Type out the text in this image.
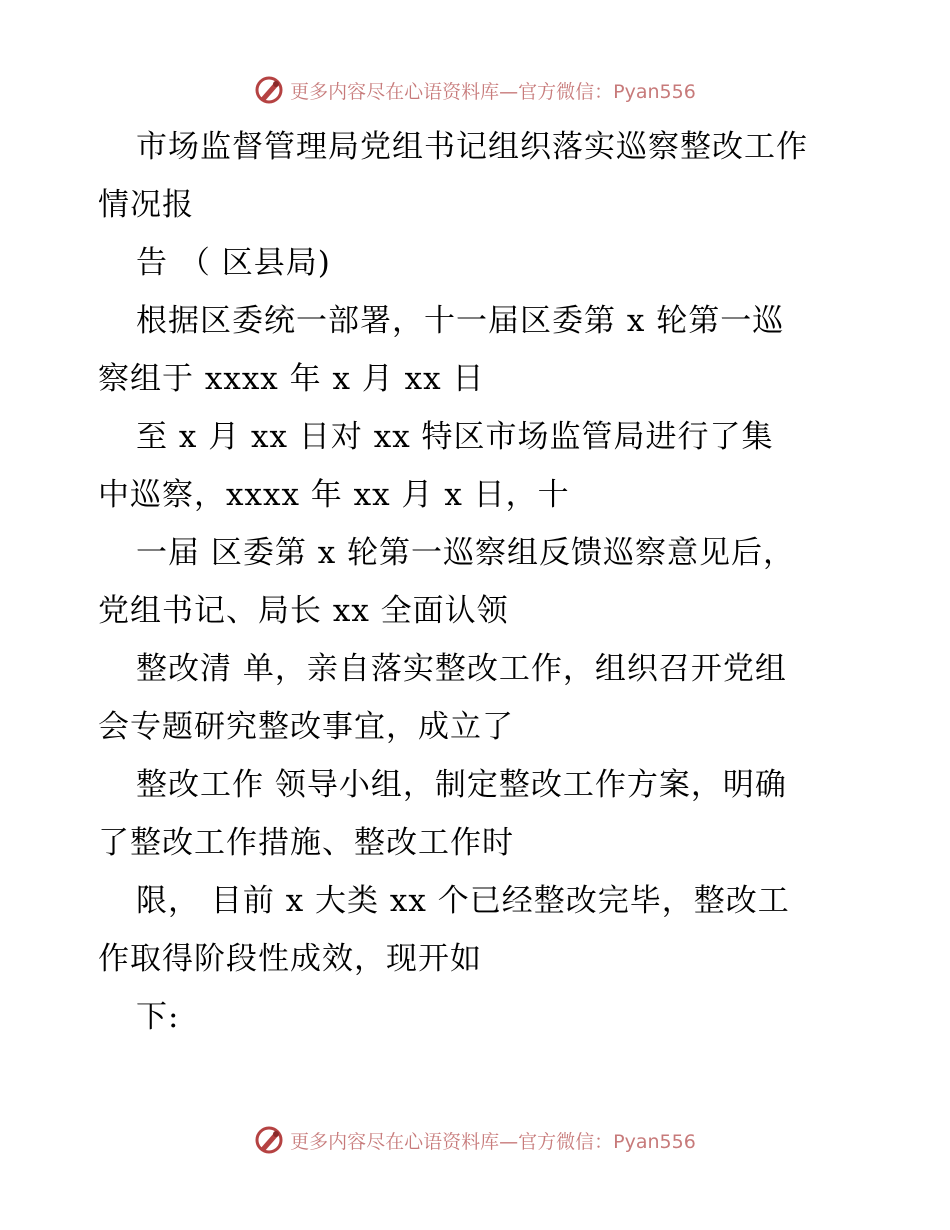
更多内容尽在心语资料库—官方微信：Pyan556
市场监督管理局党组书记组织落实巡察整改工作
情况报
告 （ 区县局)
根据区委统一部署，十一届区委第 x 轮第一巡
察组于 xxxx 年 x 月 xx 日
至 x 月 xx 日对 xx 特区市场监管局进行了集
中巡察，xxxx 年 xx 月 x 日，十
一届 区委第 x 轮第一巡察组反馈巡察意见后，
党组书记、局长 xx 全面认领
整改清 单，亲自落实整改工作，组织召开党组
会专题研究整改事宜，成立了
整改工作 领导小组，制定整改工作方案，明确
了整改工作措施、整改工作时
限， 目前 x 大类 xx 个已经整改完毕，整改工
作取得阶段性成效，现开如
下:
更多内容尽在心语资料库—官方微信：Pyan556
